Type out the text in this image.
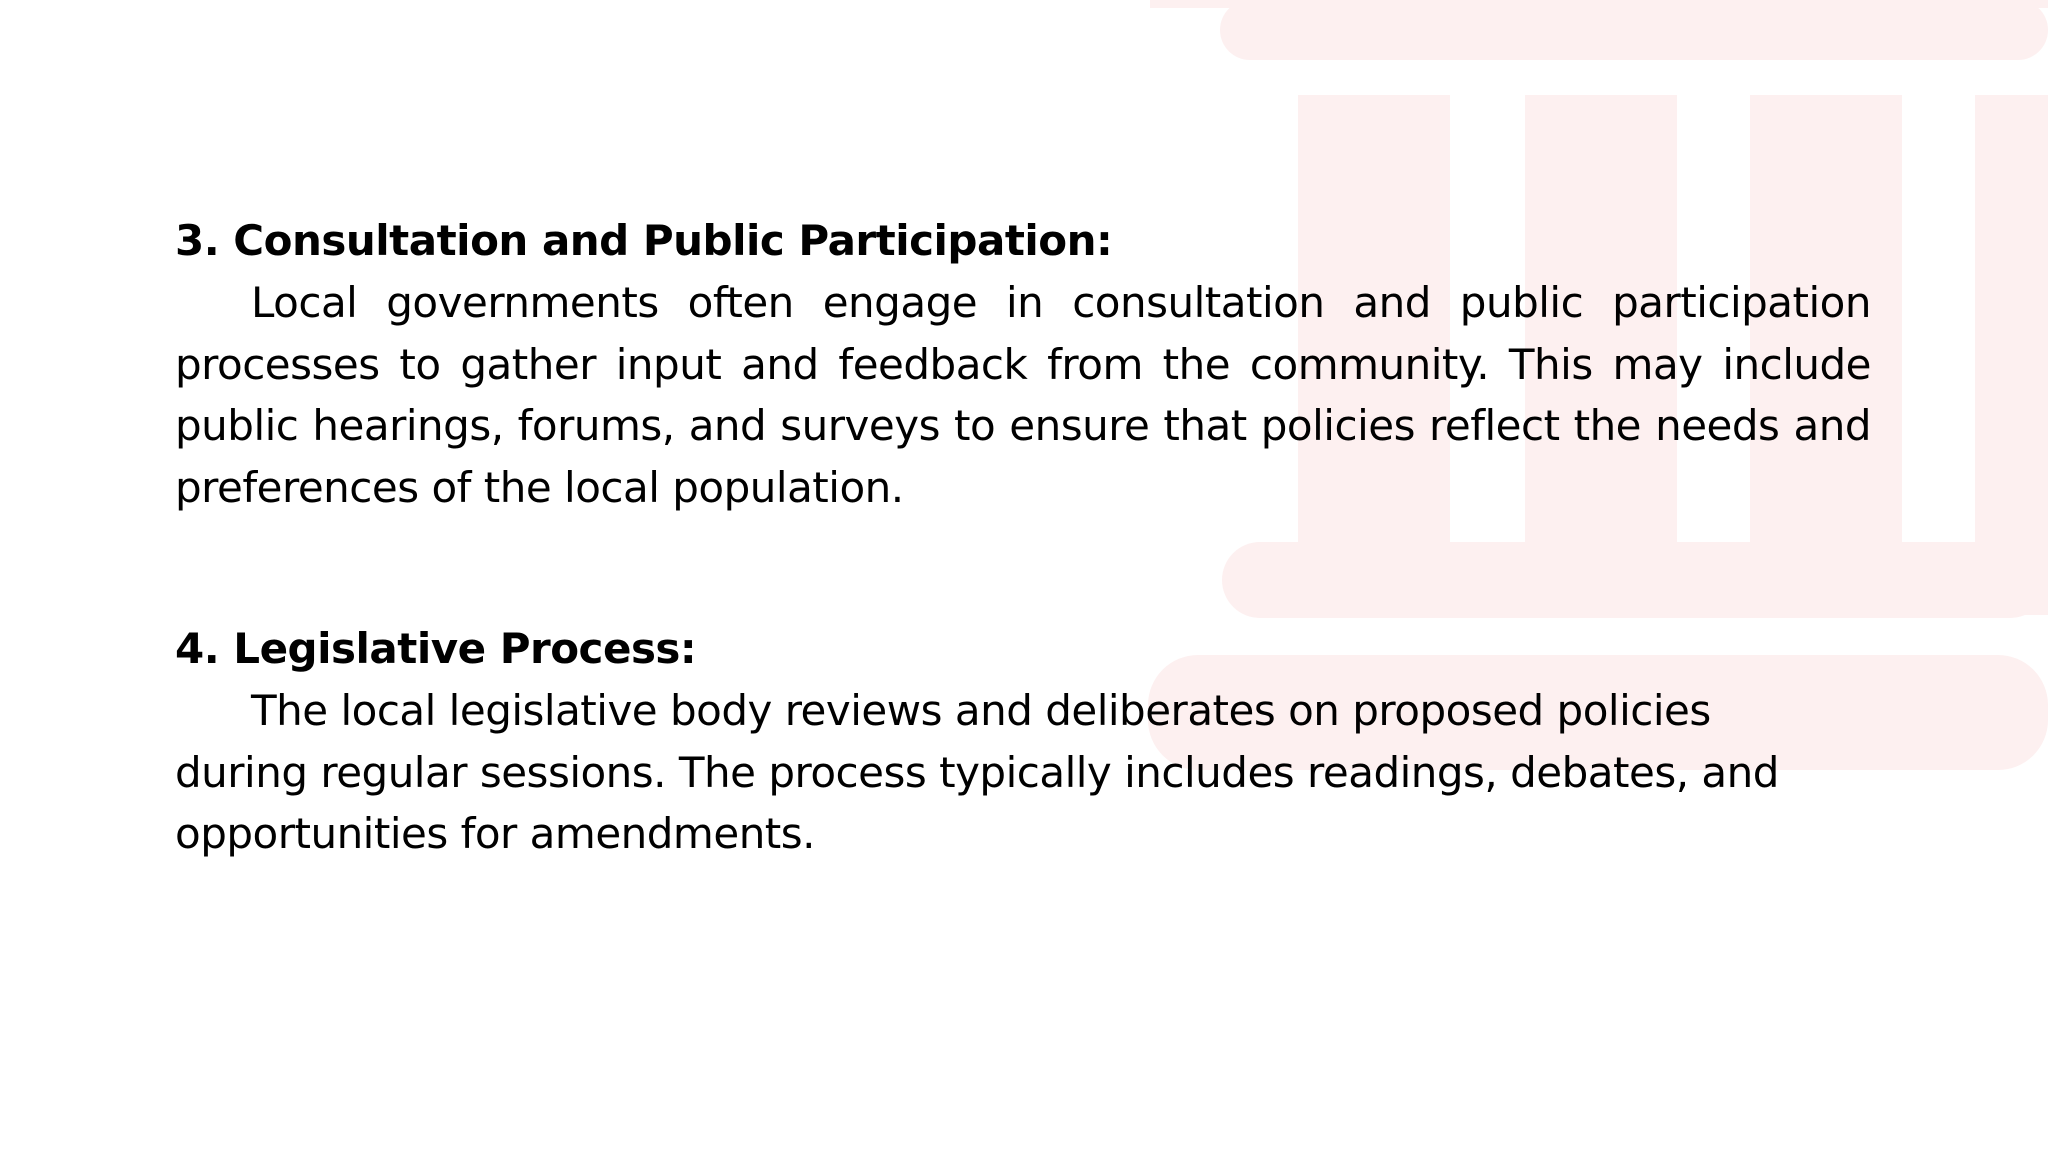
3. Consultation and Public Participation:

Local governments often engage in consultation and public participation processes to gather input and feedback from the community. This may include public hearings, forums, and surveys to ensure that policies reflect the needs and preferences of the local population.

4. Legislative Process:

The local legislative body reviews and deliberates on proposed policies during regular sessions. The process typically includes readings, debates, and opportunities for amendments.
